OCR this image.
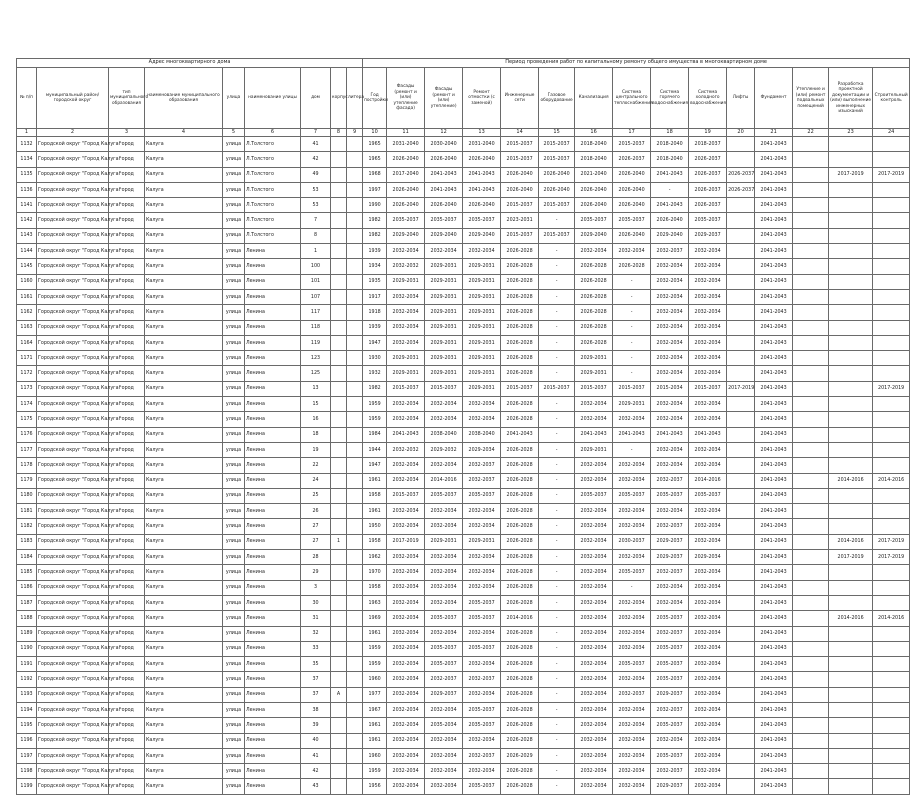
Адрес многоквартирного дома									Период проведения работ по капитальному ремонту общего имущества в многоквартирном доме														
№ п/п	муниципальный район/городской округ	тип муниципального образования	наименование муниципального образования	улица	наименование улицы	дом	корпус	литера	Год постройки	Фасады (ремонт и (или) утепление фасада)	Фасады (ремонт и (или) утепление)	Ремонт отмостки (с заменой)	Инженерные сети	Газовое оборудование	Канализация	Система центрального теплоснабжения	Система горячего водоснабжения	Система холодного водоснабжения	Лифты	Фундамент	Утепление и (или) ремонт подвальных помещений	Разработка проектной документации и (или) выполнение инженерных изысканий	Строительный контроль
1	2	3	4	5	6	7	8	9	10	11	12	13	14	15	16	17	18	19	20	21	22	23	24
1132	Городской округ "Город Калуга"	город	Калуга	улица	Л.Толстого	41			1965	2031-2040	2030-2040	2031-2040	2015-2037	2015-2037	2018-2040	2015-2037	2018-2040	2018-2037		2041-2043			
1134	Городской округ "Город Калуга"	город	Калуга	улица	Л.Толстого	42			1965	2026-2040	2026-2040	2026-2040	2015-2037	2015-2037	2018-2040	2026-2037	2018-2040	2026-2037		2041-2043			
1135	Городской округ "Город Калуга"	город	Калуга	улица	Л.Толстого	49			1968	2017-2040	2041-2043	2041-2043	2026-2040	2026-2040	2021-2040	2026-2040	2041-2043	2026-2037	2026-2037	2041-2043		2017-2019	2017-2019
1136	Городской округ "Город Калуга"	город	Калуга	улица	Л.Толстого	53			1997	2026-2040	2041-2043	2041-2043	2026-2040	2026-2040	2026-2040	2026-2040	-	2026-2037	2026-2037	2041-2043			
1141	Городской округ "Город Калуга"	город	Калуга	улица	Л.Толстого	53			1990	2026-2040	2026-2040	2026-2040	2015-2037	2015-2037	2026-2040	2026-2040	2041-2043	2026-2037		2041-2043			
1142	Городской округ "Город Калуга"	город	Калуга	улица	Л.Толстого	7			1982	2035-2037	2035-2037	2035-2037	2023-2031	-	2035-2037	2035-2037	2026-2040	2035-2037		2041-2043			
1143	Городской округ "Город Калуга"	город	Калуга	улица	Л.Толстого	8			1982	2029-2040	2029-2040	2029-2040	2015-2037	2015-2037	2029-2040	2026-2040	2029-2040	2029-2037		2041-2043			
1144	Городской округ "Город Калуга"	город	Калуга	улица	Ленина	1			1939	2032-2034	2032-2034	2032-2034	2026-2028	-	2032-2034	2032-2034	2032-2037	2032-2034		2041-2043			
1145	Городской округ "Город Калуга"	город	Калуга	улица	Ленина	100			1934	2032-2032	2029-2031	2029-2031	2026-2028	-	2026-2028	2026-2028	2032-2034	2032-2034		2041-2043			
1160	Городской округ "Город Калуга"	город	Калуга	улица	Ленина	101			1935	2029-2031	2029-2031	2029-2031	2026-2028	-	2026-2028	-	2032-2034	2032-2034		2041-2043			
1161	Городской округ "Город Калуга"	город	Калуга	улица	Ленина	107			1917	2032-2034	2029-2031	2029-2031	2026-2028	-	2026-2028	-	2032-2034	2032-2034		2041-2043			
1162	Городской округ "Город Калуга"	город	Калуга	улица	Ленина	117			1918	2032-2034	2029-2031	2029-2031	2026-2028	-	2026-2028	-	2032-2034	2032-2034		2041-2043			
1163	Городской округ "Город Калуга"	город	Калуга	улица	Ленина	118			1939	2032-2034	2029-2031	2029-2031	2026-2028	-	2026-2028	-	2032-2034	2032-2034		2041-2043			
1164	Городской округ "Город Калуга"	город	Калуга	улица	Ленина	119			1947	2032-2034	2029-2031	2029-2031	2026-2028	-	2026-2028	-	2032-2034	2032-2034		2041-2043			
1171	Городской округ "Город Калуга"	город	Калуга	улица	Ленина	123			1930	2029-2031	2029-2031	2029-2031	2026-2028	-	2029-2031	-	2032-2034	2032-2034		2041-2043			
1172	Городской округ "Город Калуга"	город	Калуга	улица	Ленина	125			1932	2029-2031	2029-2031	2029-2031	2026-2028	-	2029-2031	-	2032-2034	2032-2034		2041-2043			
1173	Городской округ "Город Калуга"	город	Калуга	улица	Ленина	13			1982	2015-2037	2015-2037	2029-2031	2015-2037	2015-2037	2015-2037	2015-2037	2015-2034	2015-2037	2017-2019	2041-2043			2017-2019
1174	Городской округ "Город Калуга"	город	Калуга	улица	Ленина	15			1959	2032-2034	2032-2034	2032-2034	2026-2028	-	2032-2034	2029-2031	2032-2034	2032-2034		2041-2043			
1175	Городской округ "Город Калуга"	город	Калуга	улица	Ленина	16			1959	2032-2034	2032-2034	2032-2034	2026-2028	-	2032-2034	2032-2034	2032-2034	2032-2034		2041-2043			
1176	Городской округ "Город Калуга"	город	Калуга	улица	Ленина	18			1984	2041-2043	2038-2040	2038-2040	2041-2043	-	2041-2043	2041-2043	2041-2043	2041-2043		2041-2043			
1177	Городской округ "Город Калуга"	город	Калуга	улица	Ленина	19			1944	2032-2032	2029-2032	2029-2034	2026-2028	-	2029-2031	-	2032-2034	2032-2034		2041-2043			
1178	Городской округ "Город Калуга"	город	Калуга	улица	Ленина	22			1947	2032-2034	2032-2034	2032-2037	2026-2028	-	2032-2034	2032-2034	2032-2034	2032-2034		2041-2043			
1179	Городской округ "Город Калуга"	город	Калуга	улица	Ленина	24			1961	2032-2034	2014-2016	2032-2037	2026-2028	-	2032-2034	2032-2034	2032-2037	2014-2016		2041-2043		2014-2016	2014-2016
1180	Городской округ "Город Калуга"	город	Калуга	улица	Ленина	25			1958	2015-2037	2035-2037	2035-2037	2026-2028	-	2035-2037	2035-2037	2035-2037	2035-2037		2041-2043			
1181	Городской округ "Город Калуга"	город	Калуга	улица	Ленина	26			1961	2032-2034	2032-2034	2032-2034	2026-2028	-	2032-2034	2032-2034	2032-2034	2032-2034		2041-2043			
1182	Городской округ "Город Калуга"	город	Калуга	улица	Ленина	27			1950	2032-2034	2032-2034	2032-2034	2026-2028	-	2032-2034	2032-2034	2032-2037	2032-2034		2041-2043			
1183	Городской округ "Город Калуга"	город	Калуга	улица	Ленина	27	1		1958	2017-2019	2029-2031	2029-2031	2026-2028	-	2032-2034	2030-2037	2029-2037	2032-2034		2041-2043		2014-2016	2017-2019
1184	Городской округ "Город Калуга"	город	Калуга	улица	Ленина	28			1962	2032-2034	2032-2034	2032-2034	2026-2028	-	2032-2034	2032-2034	2029-2037	2029-2034		2041-2043		2017-2019	2017-2019
1185	Городской округ "Город Калуга"	город	Калуга	улица	Ленина	29			1970	2032-2034	2032-2034	2032-2034	2026-2028	-	2032-2034	2035-2037	2032-2037	2032-2034		2041-2043			
1186	Городской округ "Город Калуга"	город	Калуга	улица	Ленина	3			1958	2032-2034	2032-2034	2032-2034	2026-2028	-	2032-2034	-	2032-2034	2032-2034		2041-2043			
1187	Городской округ "Город Калуга"	город	Калуга	улица	Ленина	30			1963	2032-2034	2032-2034	2035-2037	2026-2028	-	2032-2034	2032-2034	2032-2034	2032-2034		2041-2043			
1188	Городской округ "Город Калуга"	город	Калуга	улица	Ленина	31			1969	2032-2034	2035-2037	2035-2037	2014-2016	-	2032-2034	2032-2034	2035-2037	2032-2034		2041-2043		2014-2016	2014-2016
1189	Городской округ "Город Калуга"	город	Калуга	улица	Ленина	32			1961	2032-2034	2032-2034	2032-2034	2026-2028	-	2032-2034	2032-2034	2032-2037	2032-2034		2041-2043			
1190	Городской округ "Город Калуга"	город	Калуга	улица	Ленина	33			1959	2032-2034	2035-2037	2035-2037	2026-2028	-	2032-2034	2032-2034	2035-2037	2032-2034		2041-2043			
1191	Городской округ "Город Калуга"	город	Калуга	улица	Ленина	35			1959	2032-2034	2035-2037	2032-2034	2026-2028	-	2032-2034	2035-2037	2035-2037	2032-2034		2041-2043			
1192	Городской округ "Город Калуга"	город	Калуга	улица	Ленина	37			1960	2032-2034	2032-2037	2032-2037	2026-2028	-	2032-2034	2032-2034	2035-2037	2032-2034		2041-2043			
1193	Городской округ "Город Калуга"	город	Калуга	улица	Ленина	37	А		1977	2032-2034	2029-2037	2032-2034	2026-2028	-	2032-2034	2032-2037	2029-2037	2032-2034		2041-2043			
1194	Городской округ "Город Калуга"	город	Калуга	улица	Ленина	38			1967	2032-2034	2032-2034	2035-2037	2026-2028	-	2032-2034	2032-2034	2032-2037	2032-2034		2041-2043			
1195	Городской округ "Город Калуга"	город	Калуга	улица	Ленина	39			1961	2032-2034	2035-2034	2035-2037	2026-2028	-	2032-2034	2032-2034	2035-2037	2032-2034		2041-2043			
1196	Городской округ "Город Калуга"	город	Калуга	улица	Ленина	40			1961	2032-2034	2032-2034	2032-2034	2026-2028	-	2032-2034	2032-2034	2032-2034	2032-2034		2041-2043			
1197	Городской округ "Город Калуга"	город	Калуга	улица	Ленина	41			1960	2032-2034	2032-2034	2032-2037	2026-2029	-	2032-2034	2032-2034	2035-2037	2032-2034		2041-2043			
1198	Городской округ "Город Калуга"	город	Калуга	улица	Ленина	42			1959	2032-2034	2032-2034	2032-2034	2026-2028	-	2032-2034	2032-2034	2032-2037	2032-2034		2041-2043			
1199	Городской округ "Город Калуга"	город	Калуга	улица	Ленина	43			1956	2032-2034	2032-2034	2035-2037	2026-2028	-	2032-2034	2032-2034	2029-2037	2032-2034		2041-2043			
